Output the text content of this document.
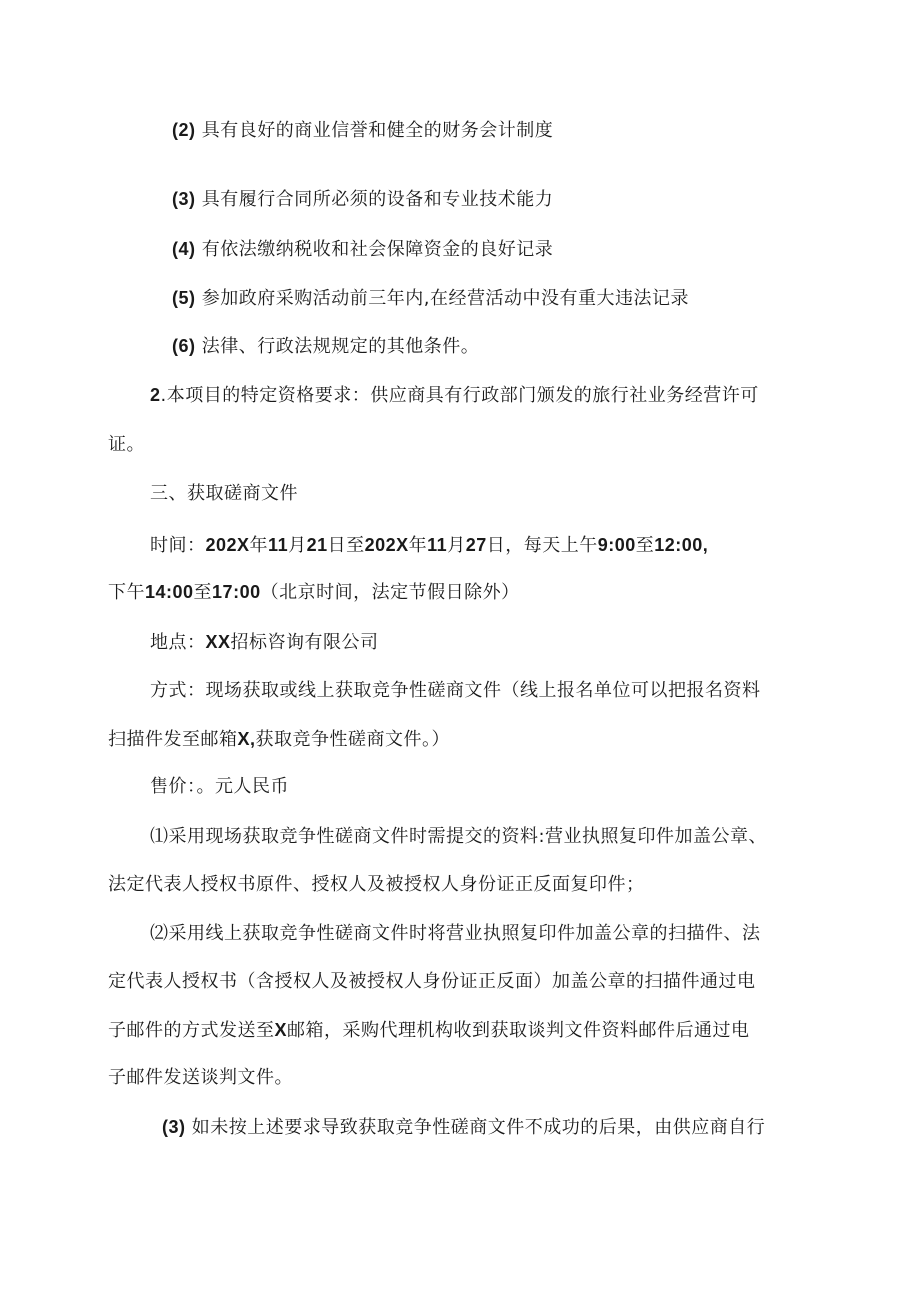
(2) 具有良好的商业信誉和健全的财务会计制度
(3) 具有履行合同所必须的设备和专业技术能力
(4) 有依法缴纳税收和社会保障资金的良好记录
(5) 参加政府采购活动前三年内,在经营活动中没有重大违法记录
(6) 法律、行政法规规定的其他条件。
2.本项目的特定资格要求：供应商具有行政部门颁发的旅行社业务经营许可
证。
三、获取磋商文件
时间：202X年11月21日至202X年11月27日，每天上午9:00至12:00,
下午14:00至17:00（北京时间，法定节假日除外）
地点：XX招标咨询有限公司
方式：现场获取或线上获取竞争性磋商文件（线上报名单位可以把报名资料
扫描件发至邮箱X,获取竞争性磋商文件。）
售价：。元人民币
⑴采用现场获取竞争性磋商文件时需提交的资料:营业执照复印件加盖公章、
法定代表人授权书原件、授权人及被授权人身份证正反面复印件；
⑵采用线上获取竞争性磋商文件时将营业执照复印件加盖公章的扫描件、法
定代表人授权书（含授权人及被授权人身份证正反面）加盖公章的扫描件通过电
子邮件的方式发送至X邮箱，采购代理机构收到获取谈判文件资料邮件后通过电
子邮件发送谈判文件。
(3) 如未按上述要求导致获取竞争性磋商文件不成功的后果，由供应商自行
